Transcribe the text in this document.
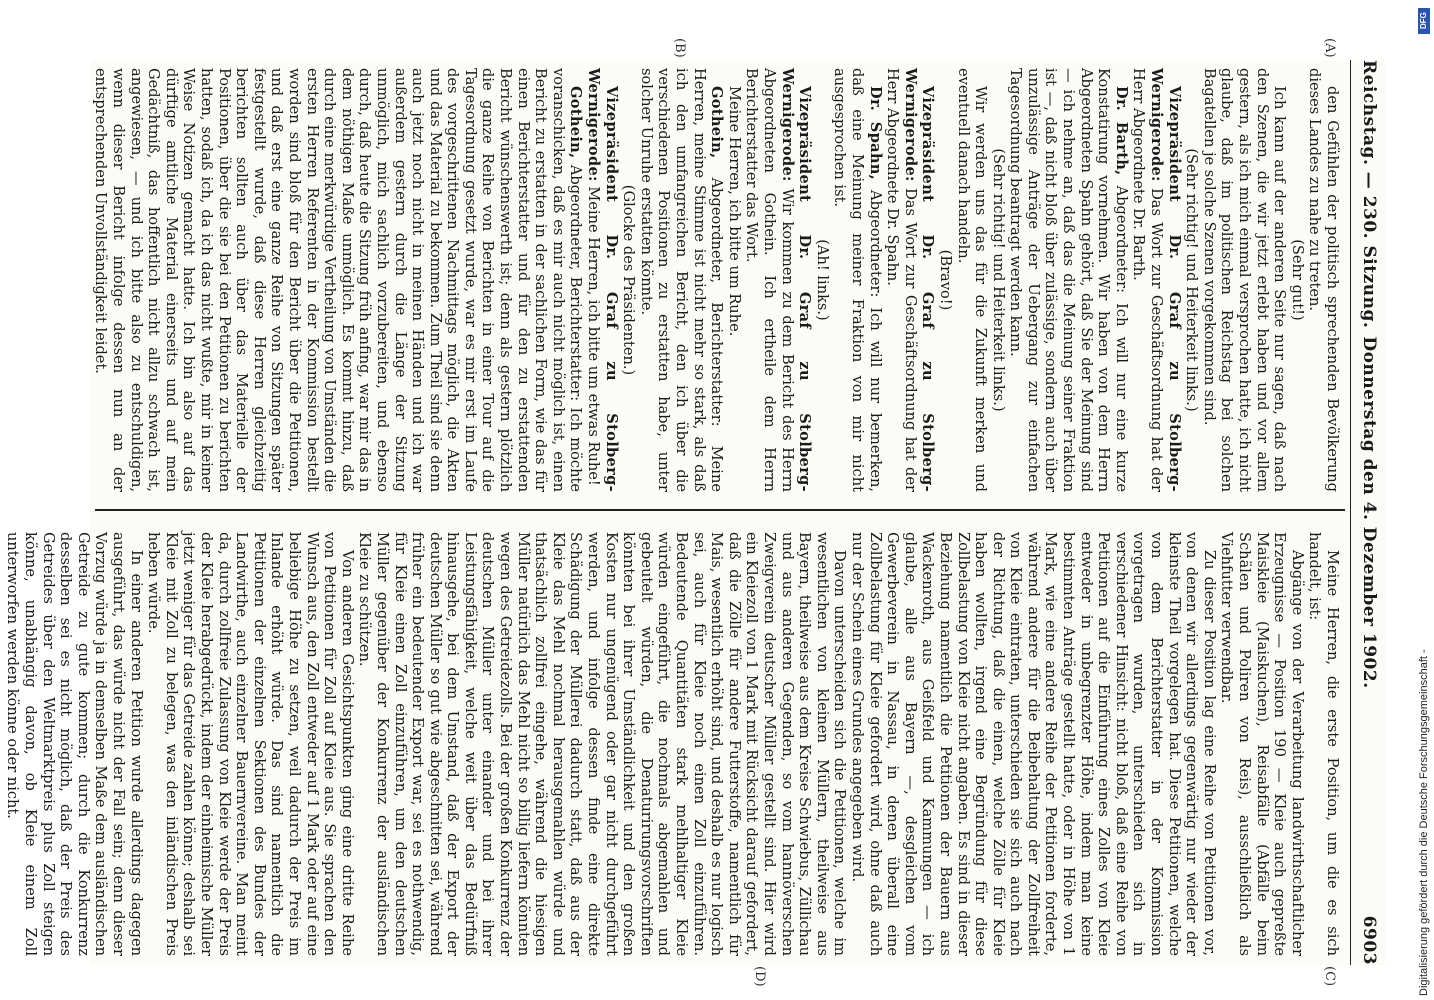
Reichstag. — 230. Sitzung.
Donnerstag den 4. Dezember 1902.
6903
(A)
(B)
(C)
(D)

den Gefühlen der politisch sprechenden Bevölkerung dieses Landes zu nahe zu treten.

(Sehr gut!)

Ich kann auf der anderen Seite nur sagen, daß nach den Szenen, die wir jetzt erlebt haben und vor allem gestern, als ich mich einmal versprochen hatte, ich nicht glaube, daß im politischen Reichstag bei solchen Bagatellen je solche Szenen vorgekommen sind.

(Sehr richtig! und Heiterkeit links.)

Vizepräsident Dr. Graf zu Stolberg-Wernigerode: Das Wort zur Geschäftsordnung hat der Herr Abgeordnete Dr. Barth.

Dr. Barth, Abgeordneter: Ich will nur eine kurze Konstatirung vornehmen. Wir haben von dem Herrn Abgeordneten Spahn gehört, daß Sie der Meinung sind — ich nehme an, daß das die Meinung seiner Fraktion ist —, daß nicht bloß über zulässige, sondern auch über unzulässige Anträge der Uebergang zur einfachen Tagesordnung beantragt werden kann.

(Sehr richtig! und Heiterkeit links.)

Wir werden uns das für die Zukunft merken und eventuell danach handeln.

(Bravo!)

Vizepräsident Dr. Graf zu Stolberg-Wernigerode: Das Wort zur Geschäftsordnung hat der Herr Abgeordnete Dr. Spahn.

Dr. Spahn, Abgeordneter: Ich will nur bemerken, daß eine Meinung meiner Fraktion von mir nicht ausgesprochen ist.

(Ah! links.)

Vizepräsident Dr. Graf zu Stolberg-Wernigerode: Wir kommen zu dem Bericht des Herrn Abgeordneten Gothein. Ich ertheile dem Herrn Berichterstatter das Wort.

Meine Herren, ich bitte um Ruhe.

Gothein, Abgeordneter, Berichterstatter: Meine Herren, meine Stimme ist nicht mehr so stark, als daß ich den umfangreichen Bericht, den ich über die verschiedenen Positionen zu erstatten habe, unter solcher Unruhe erstatten könnte.

(Glocke des Präsidenten.)

Vizepräsident Dr. Graf zu Stolberg-Wernigerode: Meine Herren, ich bitte um etwas Ruhe!

Gothein, Abgeordneter, Berichterstatter: Ich möchte voranschicken, daß es mir auch nicht möglich ist, einen Bericht zu erstatten in der sachlichen Form, wie das für einen Berichterstatter und für den zu erstattenden Bericht wünschenswerth ist; denn als gestern plötzlich die ganze Reihe von Berichten in einer Tour auf die Tagesordnung gesetzt wurde, war es mir erst im Laufe des vorgeschrittenen Nachmittags möglich, die Akten und das Material zu bekommen. Zum Theil sind sie denn auch jetzt noch nicht in meinen Händen und ich war außerdem gestern durch die Länge der Sitzung unmöglich, mich sachlich vorzubereiten, und ebenso durch, daß heute die Sitzung früh anfing, war mir das in dem nöthigen Maße unmöglich. Es kommt hinzu, daß durch eine merkwürdige Vertheilung von Umständen die ersten Herren Referenten in der Kommission bestellt worden sind bloß für den Bericht über die Petitionen, und daß erst eine ganze Reihe von Sitzungen später festgestellt wurde, daß diese Herren gleichzeitig berichten sollten auch über das Materielle der Positionen, über die sie bei den Petitionen zu berichten hatten, sodaß ich, da ich das nicht wußte, mir in keiner Weise Notizen gemacht hatte. Ich bin also auf das dürftige amtliche Material einerseits und auf mein Gedächtniß, das hoffentlich nicht allzu schwach ist, angewiesen, — und ich bitte also zu entschuldigen, wenn dieser Bericht infolge dessen nun an der entsprechenden Unvollständigkeit leidet.

Meine Herren, die erste Position, um die es sich handelt, ist:

Abgänge von der Verarbeitung landwirthschaftlicher Erzeugnisse — Position 190 — Kleie auch gepreßte Maiskleie (Maiskuchen), Reisabfälle (Abfälle beim Schälen und Poliren von Reis), ausschließlich als Viehfutter verwendbar.

Zu dieser Position lag eine Reihe von Petitionen vor, von denen wir allerdings gegenwärtig nur wieder der kleinste Theil vorgelegen hat. Diese Petitionen, welche von dem Berichterstatter in der Kommission vorgetragen wurden, unterschieden sich in verschiedener Hinsicht: nicht bloß, daß eine Reihe von Petitionen auf die Einführung eines Zolles von Kleie entweder in unbegrenzter Höhe, indem man keine bestimmten Anträge gestellt hatte, oder in Höhe von 1 Mark, wie eine andere Reihe der Petitionen forderte, während andere für die Beibehaltung der Zollfreiheit von Kleie eintraten, unterschieden sie sich auch nach der Richtung, daß die einen, welche Zölle für Kleie haben wollten, irgend eine Begründung für diese Zollbelastung von Kleie nicht angaben. Es sind in dieser Beziehung namentlich die Petitionen der Bauern aus Wackenroth, aus Geißfeld und Kammungen — ich glaube, alle aus Bayern —, desgleichen vom Gewerbeverein in Nassau, in denen überall eine Zollbelastung für Kleie gefordert wird, ohne daß auch nur der Schein eines Grundes angegeben wird.

Davon unterscheiden sich die Petitionen, welche im wesentlichen von kleinen Müllern, theilweise aus Bayern, theilweise aus dem Kreise Schwiebus, Züllichau und aus anderen Gegenden, so vom hannöverschen Zweigverein deutscher Müller gestellt sind. Hier wird ein Kleiezoll von 1 Mark mit Rücksicht darauf gefordert, daß die Zölle für andere Futterstoffe, namentlich für Mais, wesentlich erhöht sind, und deshalb es nur logisch sei, auch für Kleie noch einen Zoll einzuführen. Bedeutende Quantitäten stark mehlhaltiger Kleie würden eingeführt, die nochmals abgemahlen und gebeutelt würden, die Denaturirungsvorschriften könnten bei ihrer Umständlichkeit und den großen Kosten nur ungenügend oder gar nicht durchgeführt werden, und infolge dessen finde eine direkte Schädigung der Müllerei dadurch statt, daß aus der Kleie das Mehl nochmal herausgemahlen würde und thatsächlich zollfrei eingehe, während die hiesigen Müller natürlich das Mehl nicht so billig liefern könnten wegen des Getreidezolls. Bei der großen Konkurrenz der deutschen Müller unter einander und bei ihrer Leistungsfähigkeit, welche weit über das Bedürfniß hinausgehe, bei dem Umstand, daß der Export der deutschen Müller so gut wie abgeschnitten sei, während früher ein bedeutender Export war, sei es nothwendig, für Kleie einen Zoll einzuführen, um den deutschen Müller gegenüber der Konkurrenz der ausländischen Kleie zu schützen.

Von anderen Gesichtspunkten ging eine dritte Reihe von Petitionen für Zoll auf Kleie aus. Sie sprachen den Wunsch aus, den Zoll entweder auf 1 Mark oder auf eine beliebige Höhe zu setzen, weil dadurch der Preis im Inlande erhöht würde. Das sind namentlich die Petitionen der einzelnen Sektionen des Bundes der Landwirthe, auch einzelner Bauernvereine. Man meint da, durch zollfreie Zulassung von Kleie werde der Preis der Kleie herabgedrückt, indem der einheimische Müller jetzt weniger für das Getreide zahlen könne; deshalb sei Kleie mit Zoll zu belegen, was den inländischen Preis heben würde.

In einer anderen Petition wurde allerdings dagegen ausgeführt, das würde nicht der Fall sein; denn dieser Vorzug würde ja in demselben Maße dem ausländischen Getreide zu gute kommen; durch die Konkurrenz desselben sei es nicht möglich, daß der Preis des Getreides über den Weltmarktpreis plus Zoll steigen könne, unabhängig davon, ob Kleie einem Zoll unterworfen werden könne oder nicht.

DFG
Digitalisierung gefördert durch die Deutsche Forschungsgemeinschaft -
